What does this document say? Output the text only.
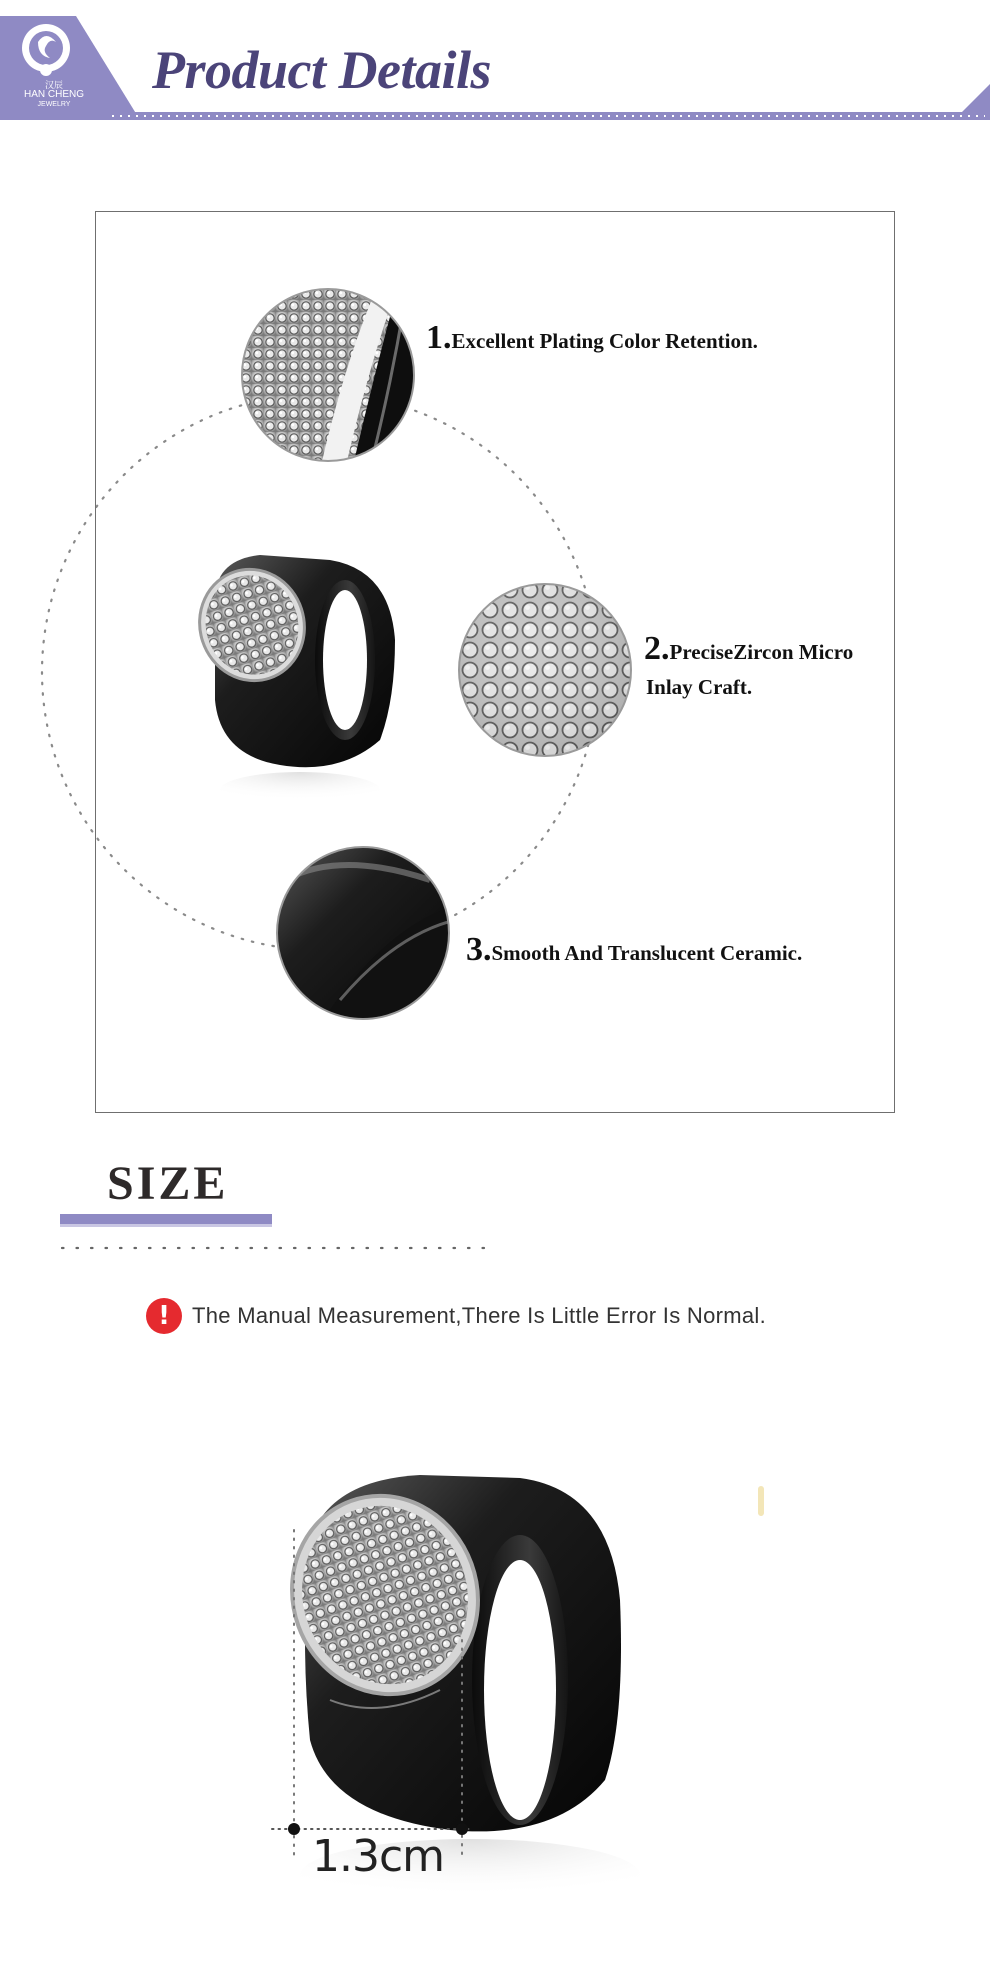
Product Details
汉辰
HAN CHENG
JEWELRY

1.Excellent Plating Color Retention.

2.PreciseZircon Micro
Inlay Craft.

3.Smooth And Translucent Ceramic.

SIZE
!	The Manual Measurement,There Is Little Error Is Normal.
1.3cm
